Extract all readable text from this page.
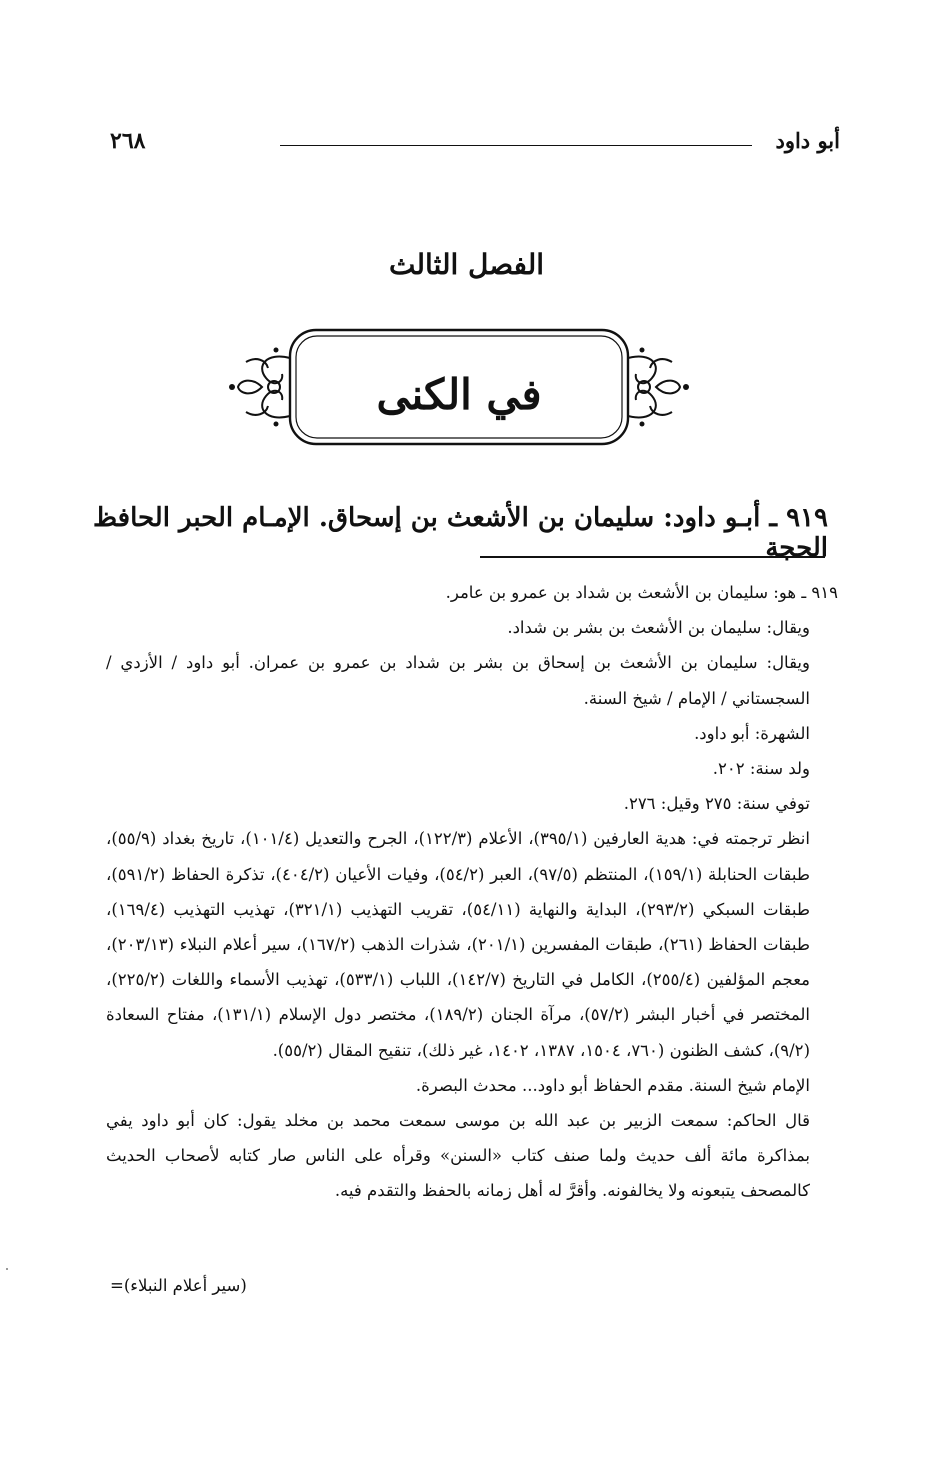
أبو داود
٢٦٨
الفصل الثالث
في الكنى
٩١٩ ـ أبـو داود: سليمان بن الأشعث بن إسحاق. الإمـام الحبر الحافظ الحجة

٩١٩ ـ هو: سليمان بن الأشعث بن شداد بن عمرو بن عامر.

ويقال: سليمان بن الأشعث بن بشر بن شداد.

ويقال: سليمان بن الأشعث بن إسحاق بن بشر بن شداد بن عمرو بن عمران. أبو داود / الأزدي / السجستاني / الإمام / شيخ السنة.

الشهرة: أبو داود.

ولد سنة: ٢٠٢.

توفي سنة: ٢٧٥ وقيل: ٢٧٦.

انظر ترجمته في: هدية العارفين (٣٩٥/١)، الأعلام (١٢٢/٣)، الجرح والتعديل (١٠١/٤)، تاريخ بغداد (٥٥/٩)، طبقات الحنابلة (١٥٩/١)، المنتظم (٩٧/٥)، العبر (٥٤/٢)، وفيات الأعيان (٤٠٤/٢)، تذكرة الحفاظ (٥٩١/٢)، طبقات السبكي (٢٩٣/٢)، البداية والنهاية (٥٤/١١)، تقريب التهذيب (٣٢١/١)، تهذيب التهذيب (١٦٩/٤)، طبقات الحفاظ (٢٦١)، طبقات المفسرين (٢٠١/١)، شذرات الذهب (١٦٧/٢)، سير أعلام النبلاء (٢٠٣/١٣)، معجم المؤلفين (٢٥٥/٤)، الكامل في التاريخ (١٤٢/٧)، اللباب (٥٣٣/١)، تهذيب الأسماء واللغات (٢٢٥/٢)، المختصر في أخبار البشر (٥٧/٢)، مرآة الجنان (١٨٩/٢)، مختصر دول الإسلام (١٣١/١)، مفتاح السعادة (٩/٢)، كشف الظنون (٧٦٠، ١٥٠٤، ١٣٨٧، ١٤٠٢، غير ذلك)، تنقيح المقال (٥٥/٢).

الإمام شيخ السنة. مقدم الحفاظ أبو داود... محدث البصرة.

قال الحاكم: سمعت الزبير بن عبد الله بن موسى سمعت محمد بن مخلد يقول: كان أبو داود يفي بمذاكرة مائة ألف حديث ولما صنف كتاب «السنن» وقرأه على الناس صار كتابه لأصحاب الحديث كالمصحف يتبعونه ولا يخالفونه. وأقرَّ له أهل زمانه بالحفظ والتقدم فيه.

(سير أعلام النبلاء)=
